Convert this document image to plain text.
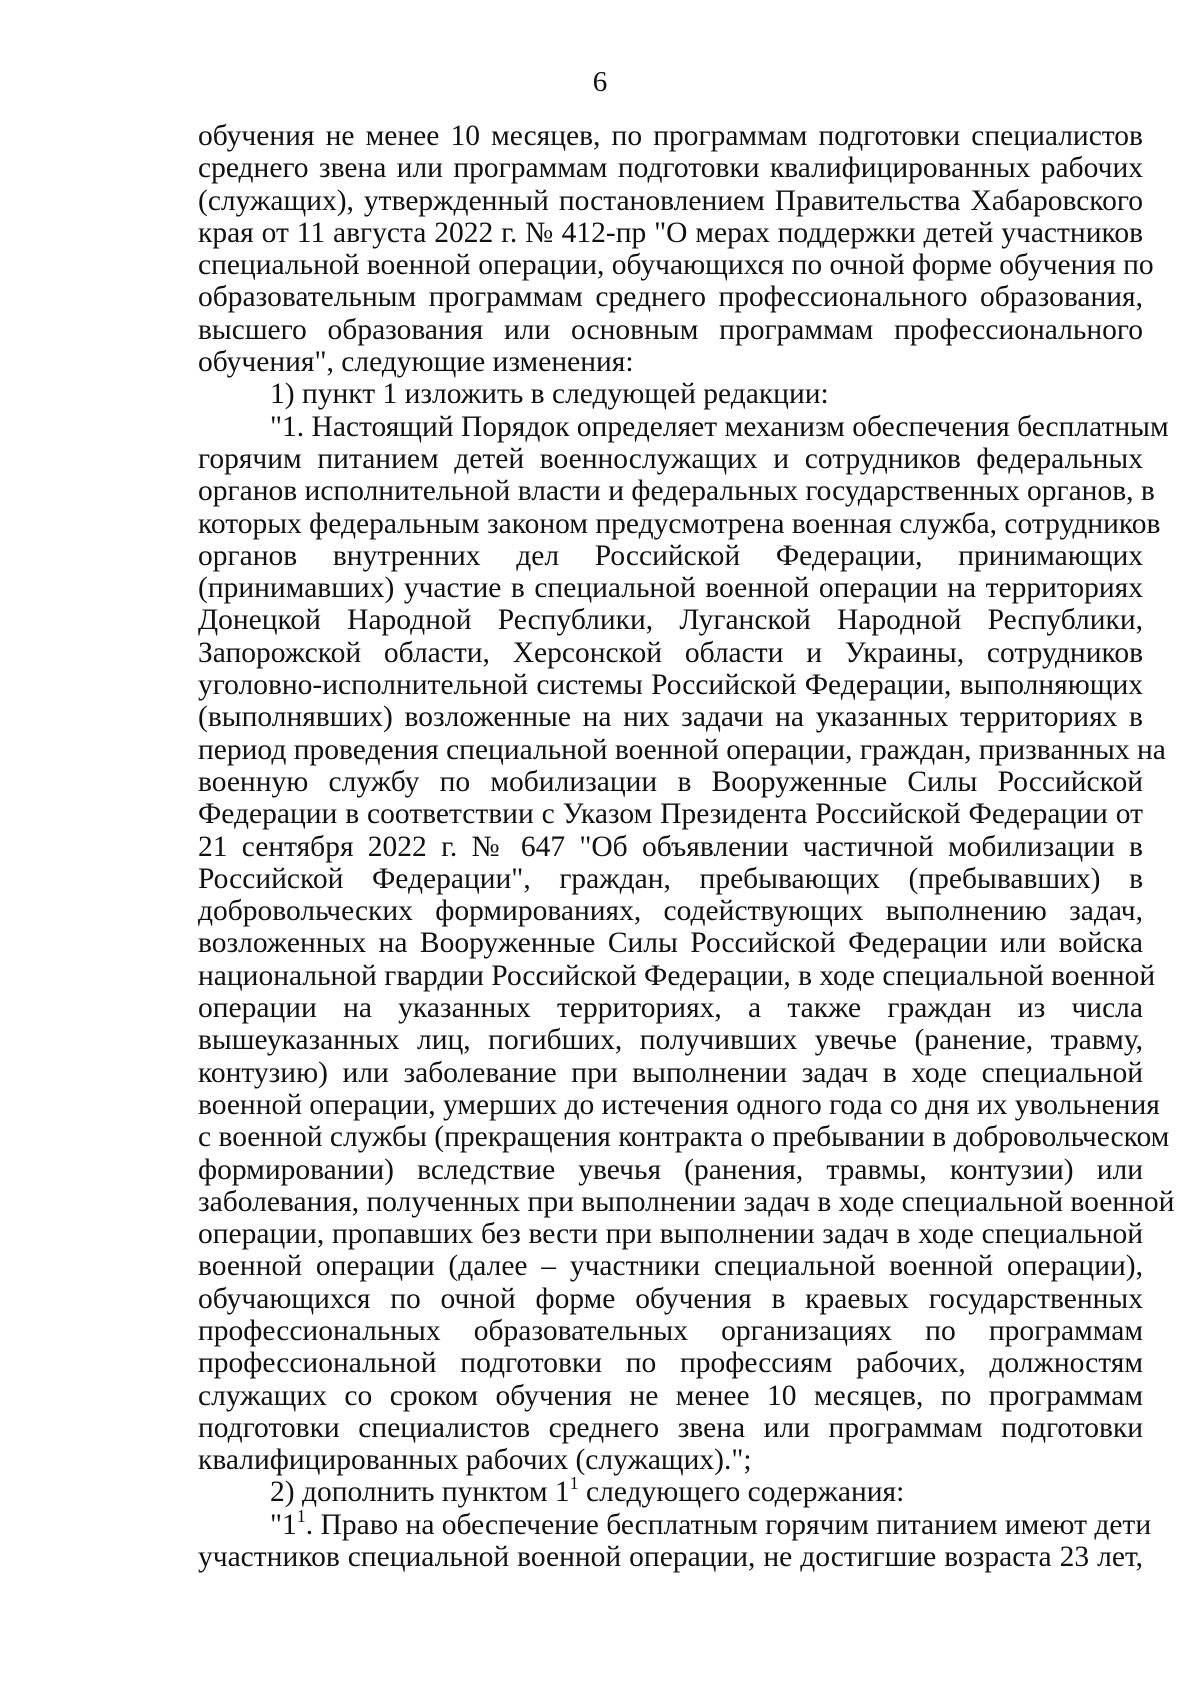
6
обучения не менее 10 месяцев, по программам подготовки специалистов
среднего звена или программам подготовки квалифицированных рабочих
(служащих), утвержденный постановлением Правительства Хабаровского
края от 11 августа 2022 г. № 412-пр "О мерах поддержки детей участников
специальной военной операции, обучающихся по очной форме обучения по
образовательным программам среднего профессионального образования,
высшего образования или основным программам профессионального
обучения", следующие изменения:
1) пункт 1 изложить в следующей редакции:
"1. Настоящий Порядок определяет механизм обеспечения бесплатным
горячим питанием детей военнослужащих и сотрудников федеральных
органов исполнительной власти и федеральных государственных органов, в
которых федеральным законом предусмотрена военная служба, сотрудников
органов внутренних дел Российской Федерации, принимающих
(принимавших) участие в специальной военной операции на территориях
Донецкой Народной Республики, Луганской Народной Республики,
Запорожской области, Херсонской области и Украины, сотрудников
уголовно-исполнительной системы Российской Федерации, выполняющих
(выполнявших) возложенные на них задачи на указанных территориях в
период проведения специальной военной операции, граждан, призванных на
военную службу по мобилизации в Вооруженные Силы Российской
Федерации в соответствии с Указом Президента Российской Федерации от
21 сентября 2022 г. № 647 "Об объявлении частичной мобилизации в
Российской Федерации", граждан, пребывающих (пребывавших) в
добровольческих формированиях, содействующих выполнению задач,
возложенных на Вооруженные Силы Российской Федерации или войска
национальной гвардии Российской Федерации, в ходе специальной военной
операции на указанных территориях, а также граждан из числа
вышеуказанных лиц, погибших, получивших увечье (ранение, травму,
контузию) или заболевание при выполнении задач в ходе специальной
военной операции, умерших до истечения одного года со дня их увольнения
с военной службы (прекращения контракта о пребывании в добровольческом
формировании) вследствие увечья (ранения, травмы, контузии) или
заболевания, полученных при выполнении задач в ходе специальной военной
операции, пропавших без вести при выполнении задач в ходе специальной
военной операции (далее – участники специальной военной операции),
обучающихся по очной форме обучения в краевых государственных
профессиональных образовательных организациях по программам
профессиональной подготовки по профессиям рабочих, должностям
служащих со сроком обучения не менее 10 месяцев, по программам
подготовки специалистов среднего звена или программам подготовки
квалифицированных рабочих (служащих).";
2) дополнить пунктом $1^1$ следующего содержания:
"$1^1$. Право на обеспечение бесплатным горячим питанием имеют дети
участников специальной военной операции, не достигшие возраста 23 лет,
